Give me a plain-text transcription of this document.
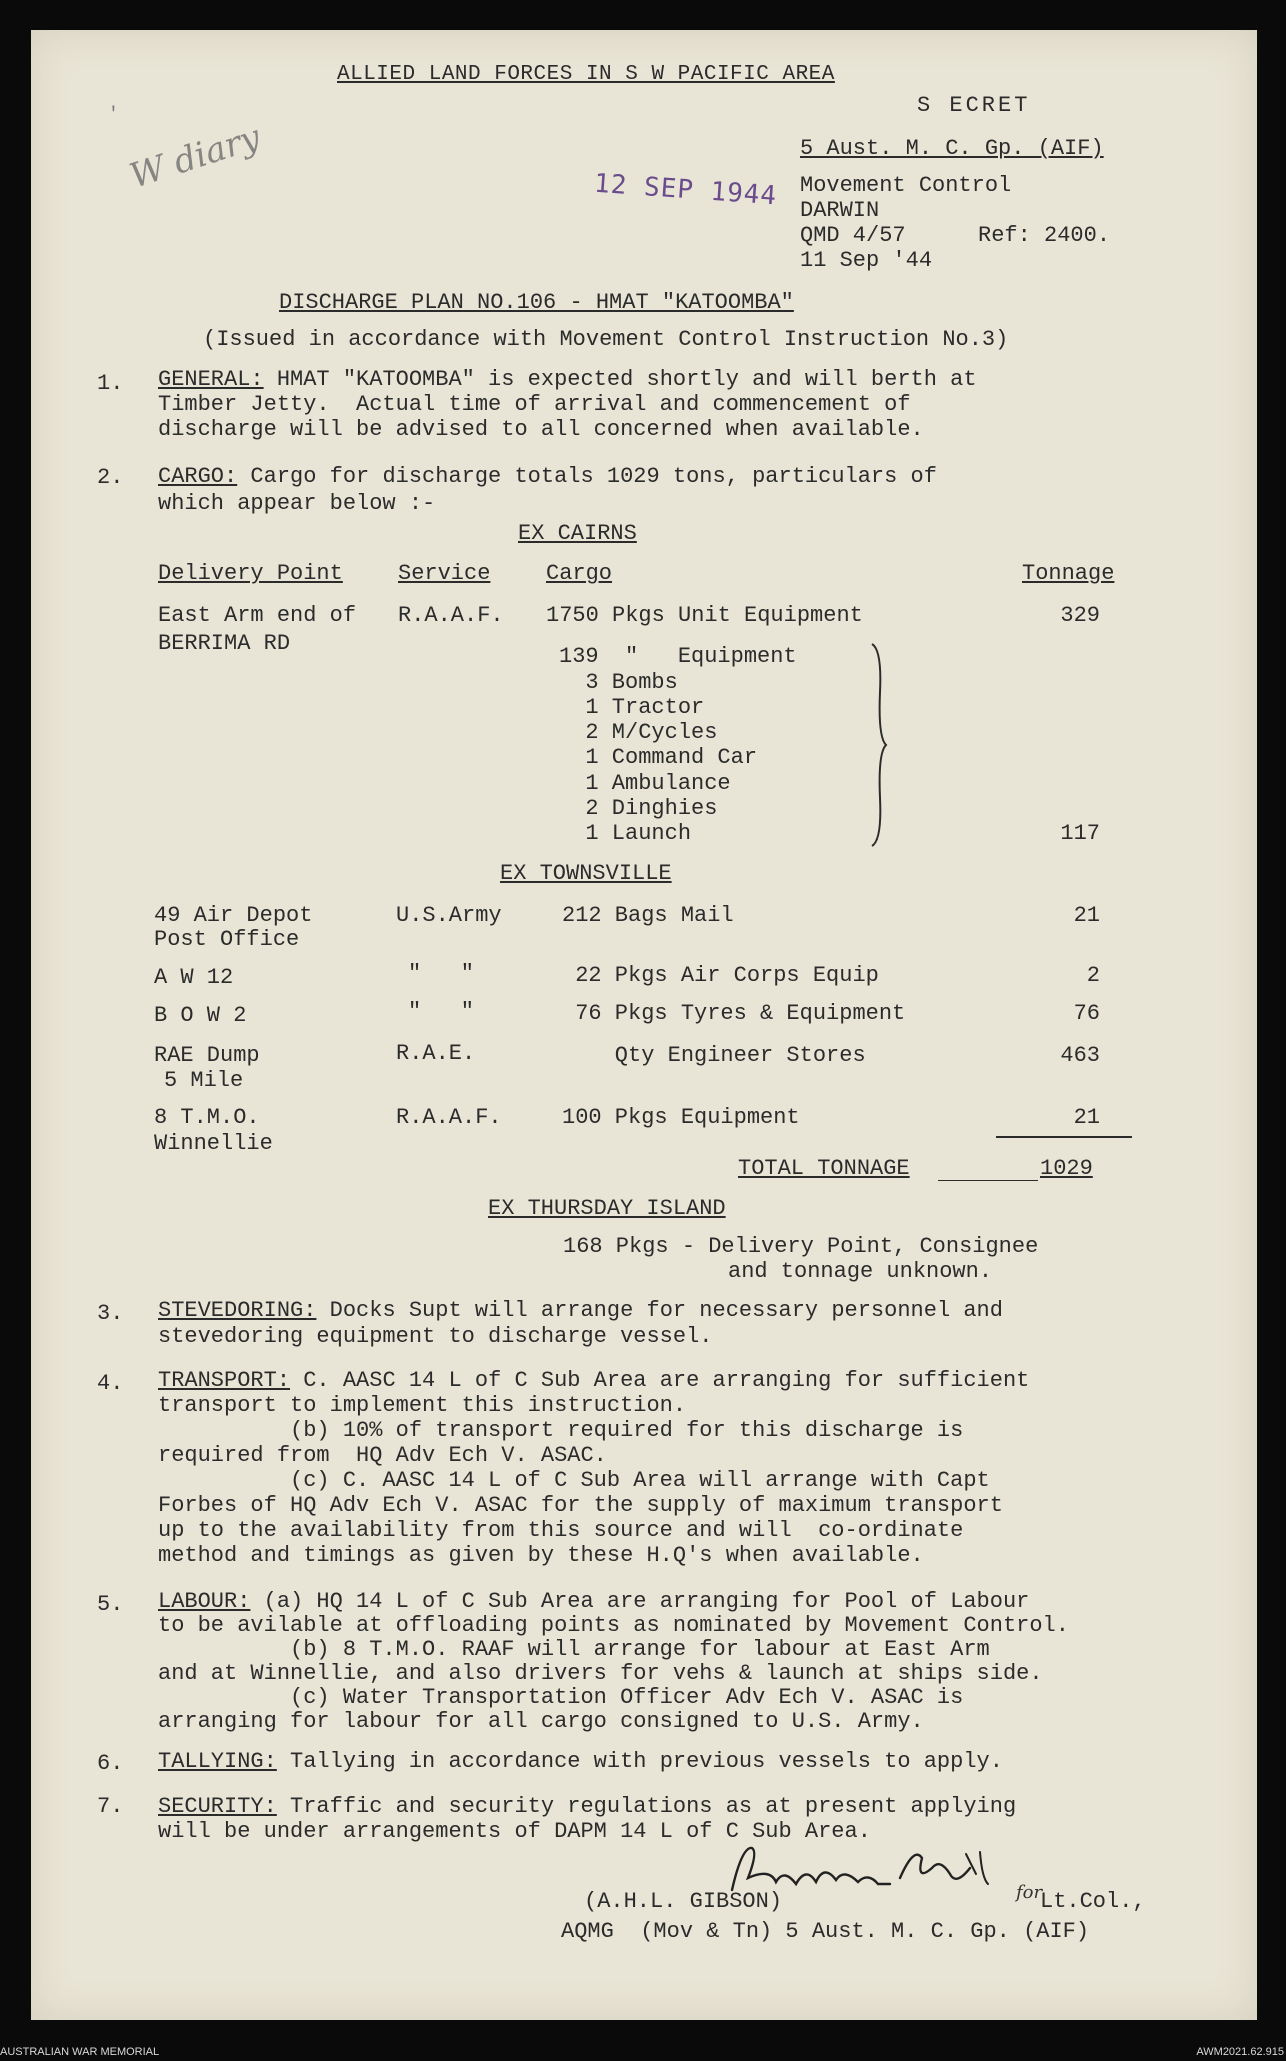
ALLIED LAND FORCES IN S W PACIFIC AREA
S ECRET
5 Aust. M. C. Gp. (AIF)
Movement Control
DARWIN
QMD 4/57	Ref: 2400.
11 Sep '44
12 SEP 1944
W diary
'
DISCHARGE PLAN NO.106 - HMAT "KATOOMBA"
(Issued in accordance with Movement Control Instruction No.3)
1. GENERAL: HMAT "KATOOMBA" is expected shortly and will berth at
Timber Jetty.  Actual time of arrival and commencement of
discharge will be advised to all concerned when available.
2. CARGO: Cargo for discharge totals 1029 tons, particulars of
which appear below :-
EX CAIRNS
Delivery Point	Service	Cargo	Tonnage
East Arm end of
BERRIMA RD
R.A.A.F. 1750 Pkgs Unit Equipment	329
139  "   Equipment
3 Bombs
1 Tractor
2 M/Cycles
1 Command Car
1 Ambulance
2 Dinghies
1 Launch	117
EX TOWNSVILLE
49 Air Depot
Post Office
U.S.Army	212 Bags Mail	21
A W 12	"   "	22 Pkgs Air Corps Equip	2
B O W 2	"   "	76 Pkgs Tyres & Equipment	76
RAE Dump
5 Mile
R.A.E.	Qty Engineer Stores	463
8 T.M.O.
Winnellie
R.A.A.F.	100 Pkgs Equipment	21
TOTAL TONNAGE	1029
EX THURSDAY ISLAND
168 Pkgs - Delivery Point, Consignee
and tonnage unknown.
3. STEVEDORING: Docks Supt will arrange for necessary personnel and
stevedoring equipment to discharge vessel.
4. TRANSPORT: C. AASC 14 L of C Sub Area are arranging for sufficient
transport to implement this instruction.
(b) 10% of transport required for this discharge is
required from  HQ Adv Ech V. ASAC.
(c) C. AASC 14 L of C Sub Area will arrange with Capt
Forbes of HQ Adv Ech V. ASAC for the supply of maximum transport
up to the availability from this source and will  co-ordinate
method and timings as given by these H.Q's when available.
5. LABOUR: (a) HQ 14 L of C Sub Area are arranging for Pool of Labour
to be avilable at offloading points as nominated by Movement Control.
(b) 8 T.M.O. RAAF will arrange for labour at East Arm
and at Winnellie, and also drivers for vehs & launch at ships side.
(c) Water Transportation Officer Adv Ech V. ASAC is
arranging for labour for all cargo consigned to U.S. Army.
6. TALLYING: Tallying in accordance with previous vessels to apply.
7. SECURITY: Traffic and security regulations as at present applying
will be under arrangements of DAPM 14 L of C Sub Area.
for
(A.H.L. GIBSON)	Lt.Col.,
AQMG  (Mov & Tn) 5 Aust. M. C. Gp. (AIF)
AUSTRALIAN WAR MEMORIAL	AWM2021.62.915
